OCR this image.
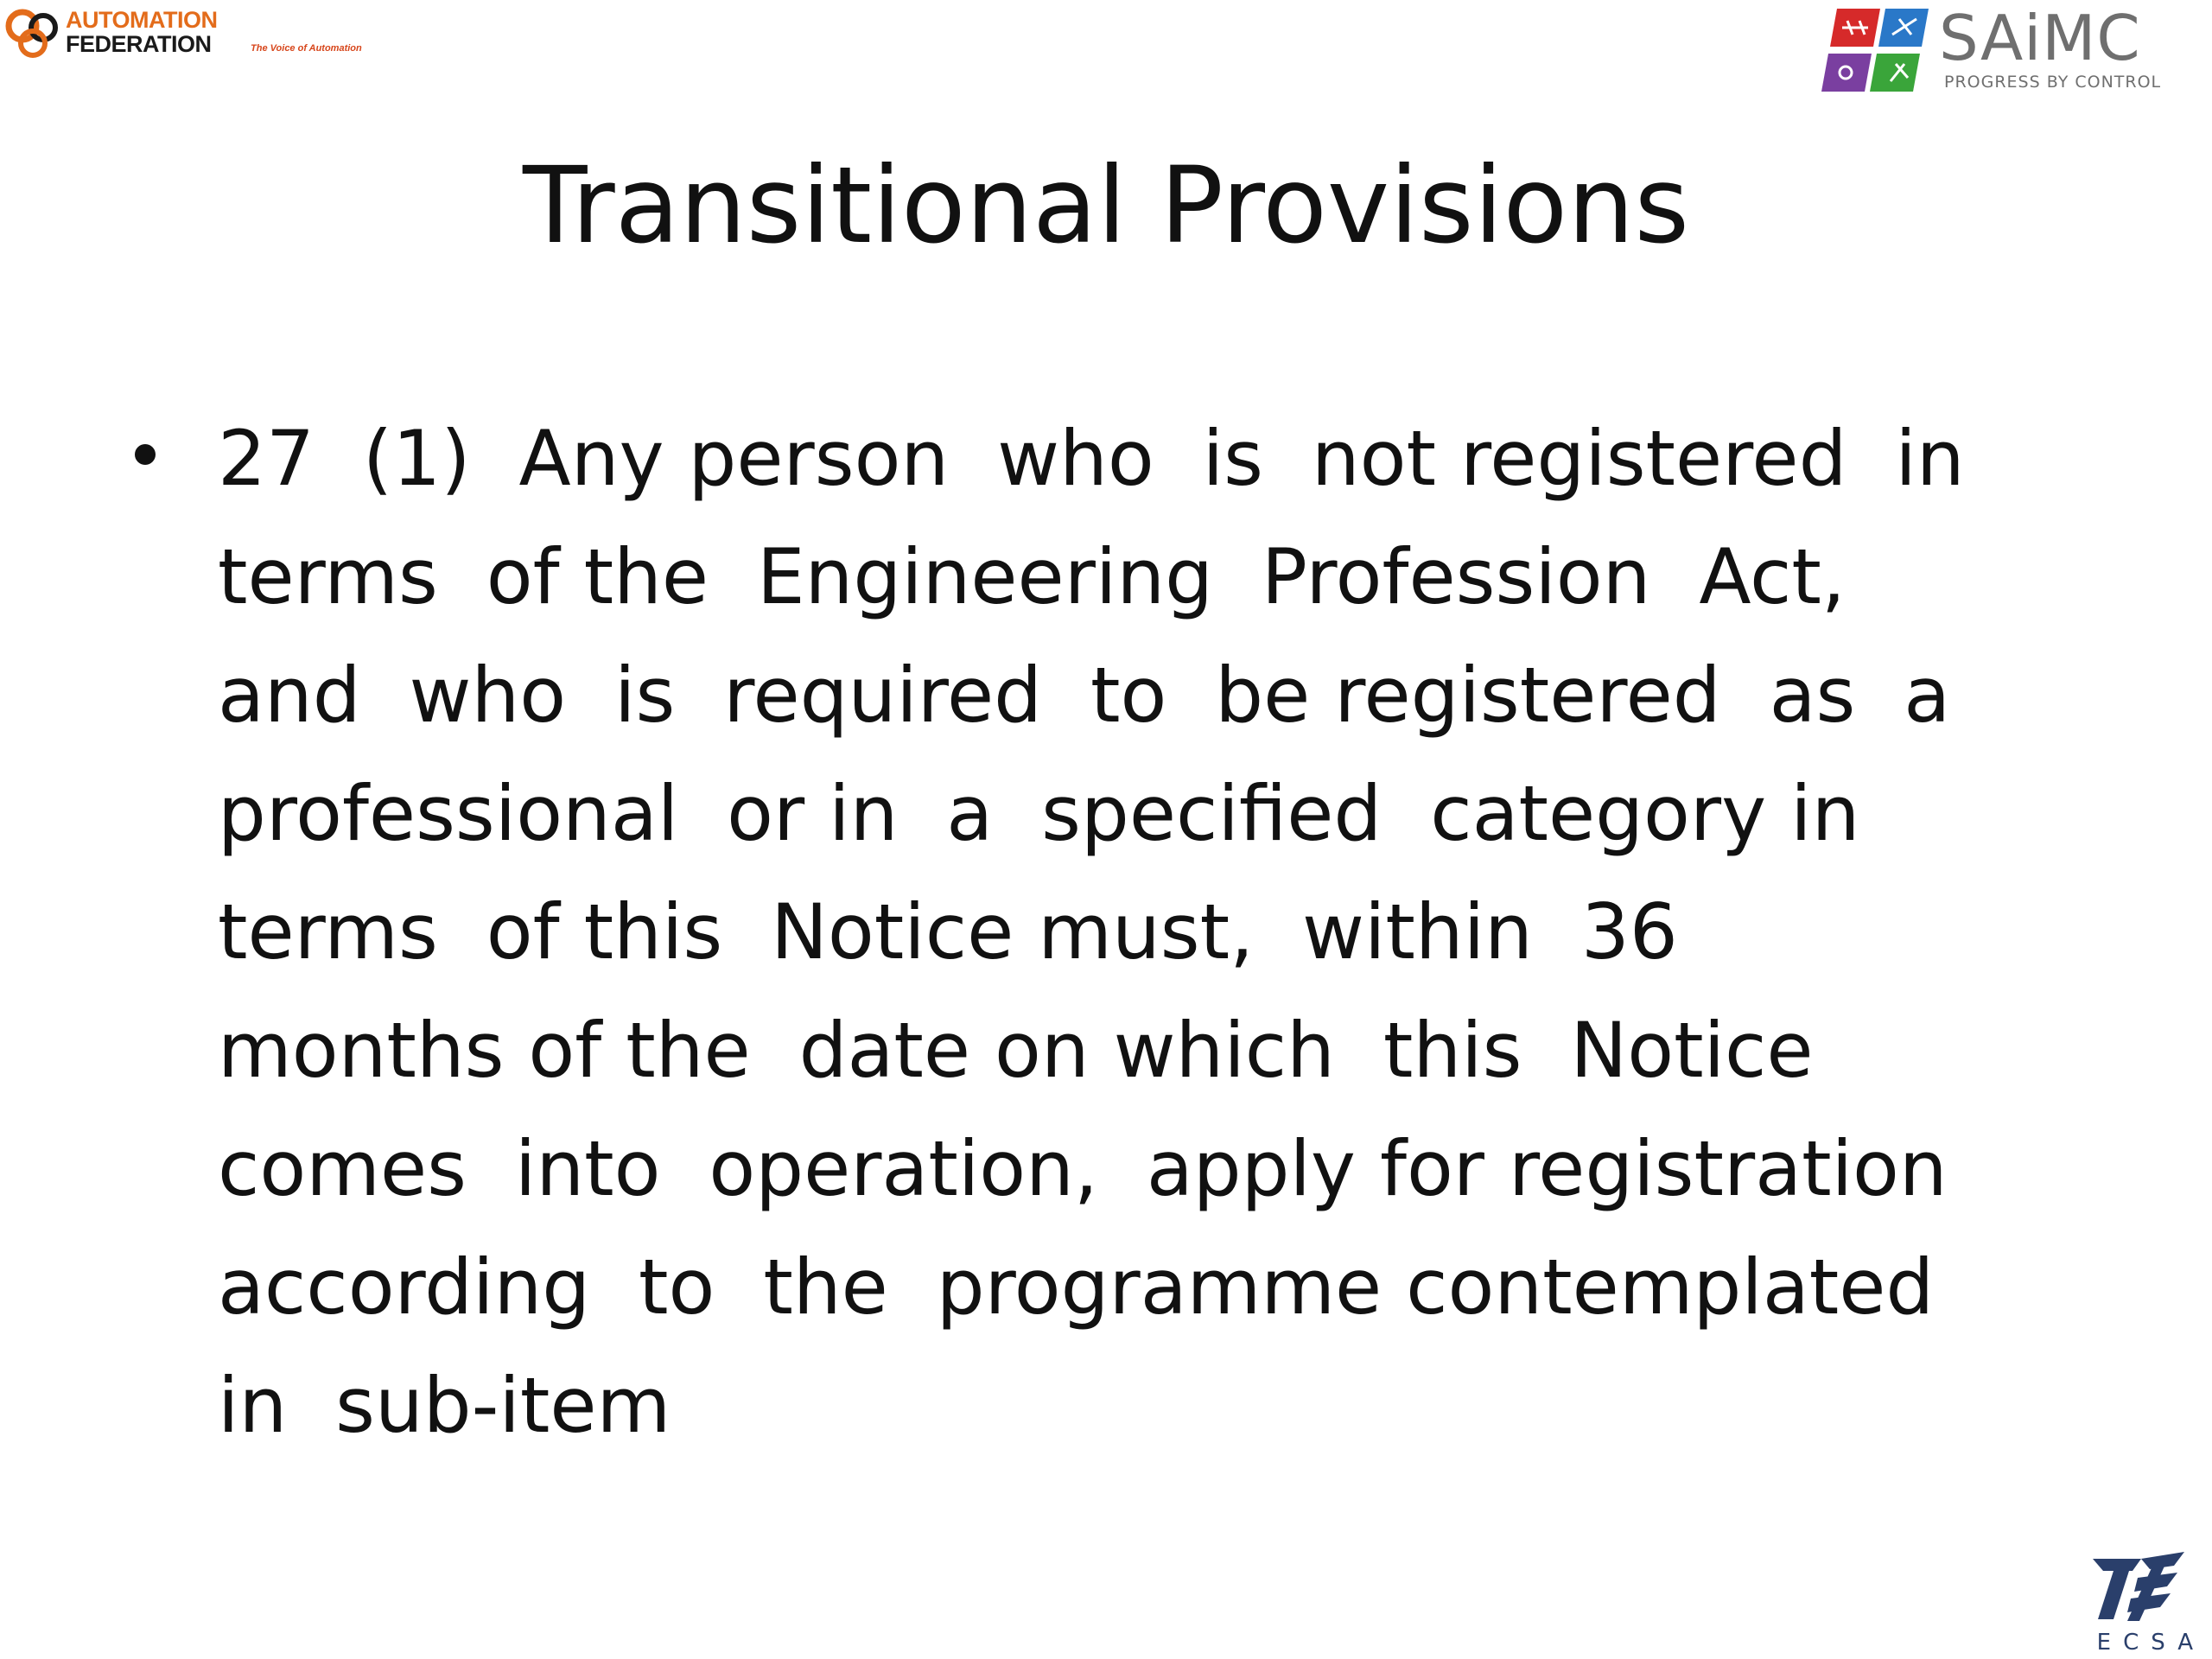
AUTOMATION
FEDERATION	The Voice of Automation	SAiMC
PROGRESS BY CONTROL
Transitional Provisions
27  (1)  Any person  who  is  not registered  in
terms  of the  Engineering  Profession  Act,
and  who  is  required  to  be registered  as  a
professional  or in  a  specified  category in
terms  of this  Notice must,  within  36
months of the  date on which  this  Notice
comes  into  operation,  apply for registration
according  to  the  programme contemplated
in  sub-item
ECSA
